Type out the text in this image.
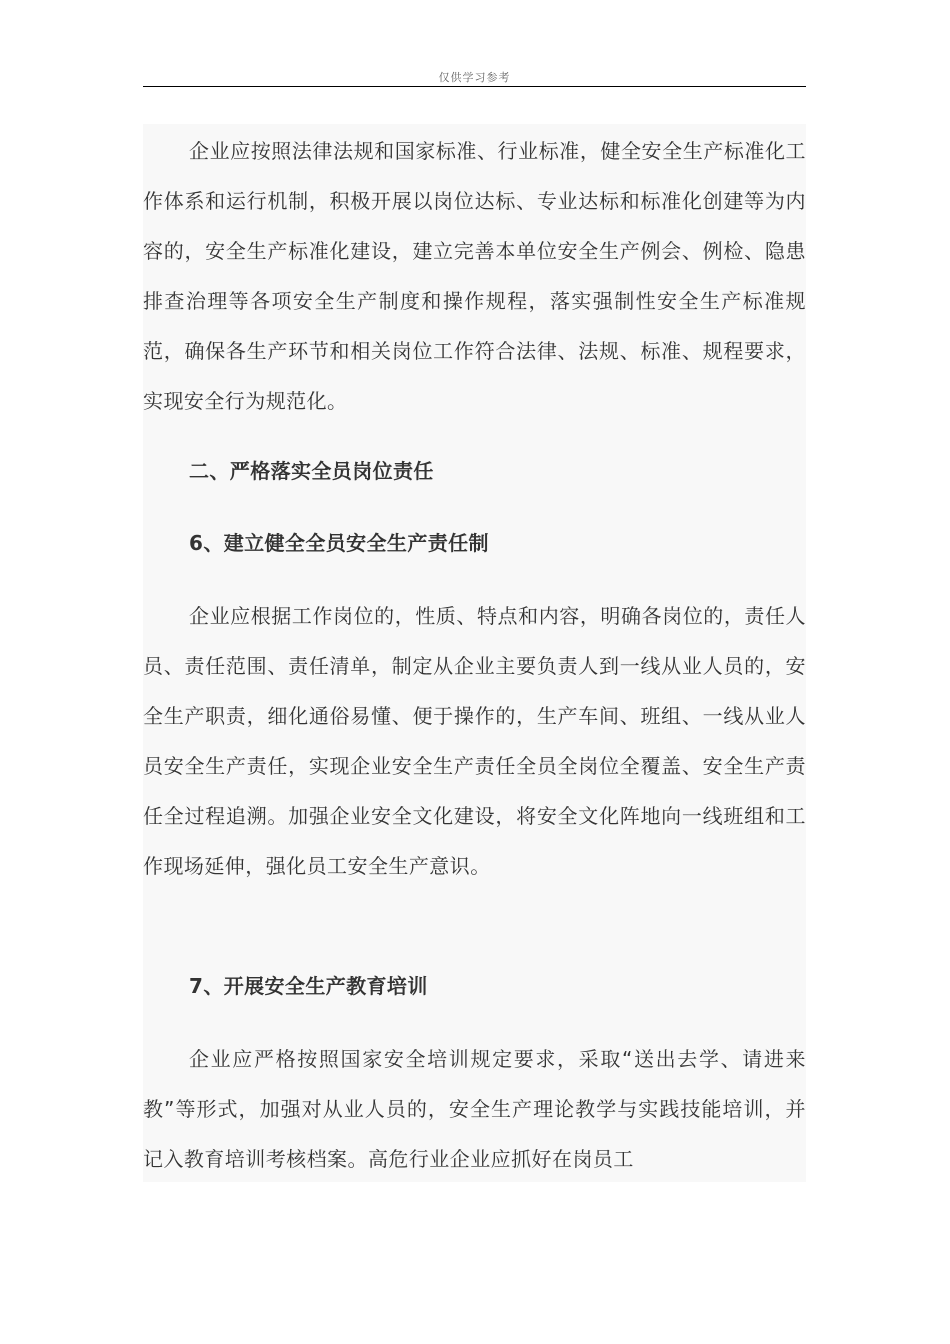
仅供学习参考

企业应按照法律法规和国家标准、行业标准，健全安全生产标准化工作体系和运行机制，积极开展以岗位达标、专业达标和标准化创建等为内容的，安全生产标准化建设，建立完善本单位安全生产例会、例检、隐患排查治理等各项安全生产制度和操作规程，落实强制性安全生产标准规范，确保各生产环节和相关岗位工作符合法律、法规、标准、规程要求，实现安全行为规范化。

二、严格落实全员岗位责任
6、建立健全全员安全生产责任制

企业应根据工作岗位的，性质、特点和内容，明确各岗位的，责任人员、责任范围、责任清单，制定从企业主要负责人到一线从业人员的，安全生产职责，细化通俗易懂、便于操作的，生产车间、班组、一线从业人员安全生产责任，实现企业安全生产责任全员全岗位全覆盖、安全生产责任全过程追溯。加强企业安全文化建设，将安全文化阵地向一线班组和工作现场延伸，强化员工安全生产意识。

7、开展安全生产教育培训

企业应严格按照国家安全培训规定要求，采取“送出去学、请进来教”等形式，加强对从业人员的，安全生产理论教学与实践技能培训，并记入教育培训考核档案。高危行业企业应抓好在岗员工
